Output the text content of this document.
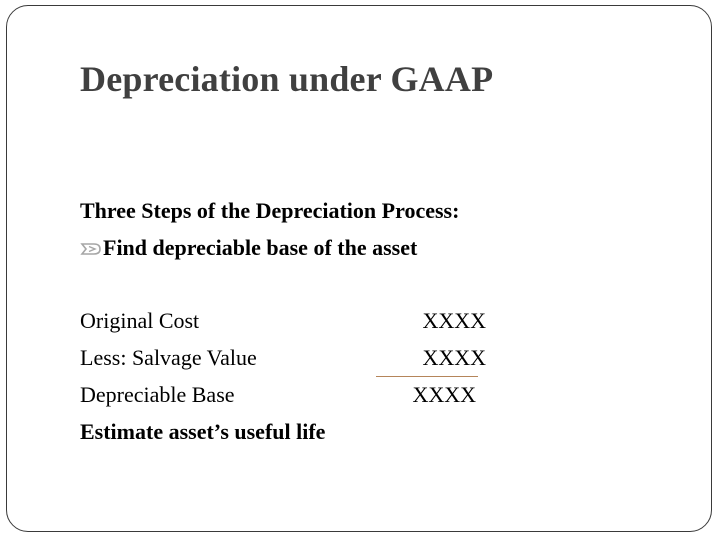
Depreciation under GAAP
Three Steps of the Depreciation Process:
Find depreciable base of the asset
Original Cost	XXXX
Less: Salvage Value	XXXX
Depreciable Base	XXXX
Estimate asset’s useful life
